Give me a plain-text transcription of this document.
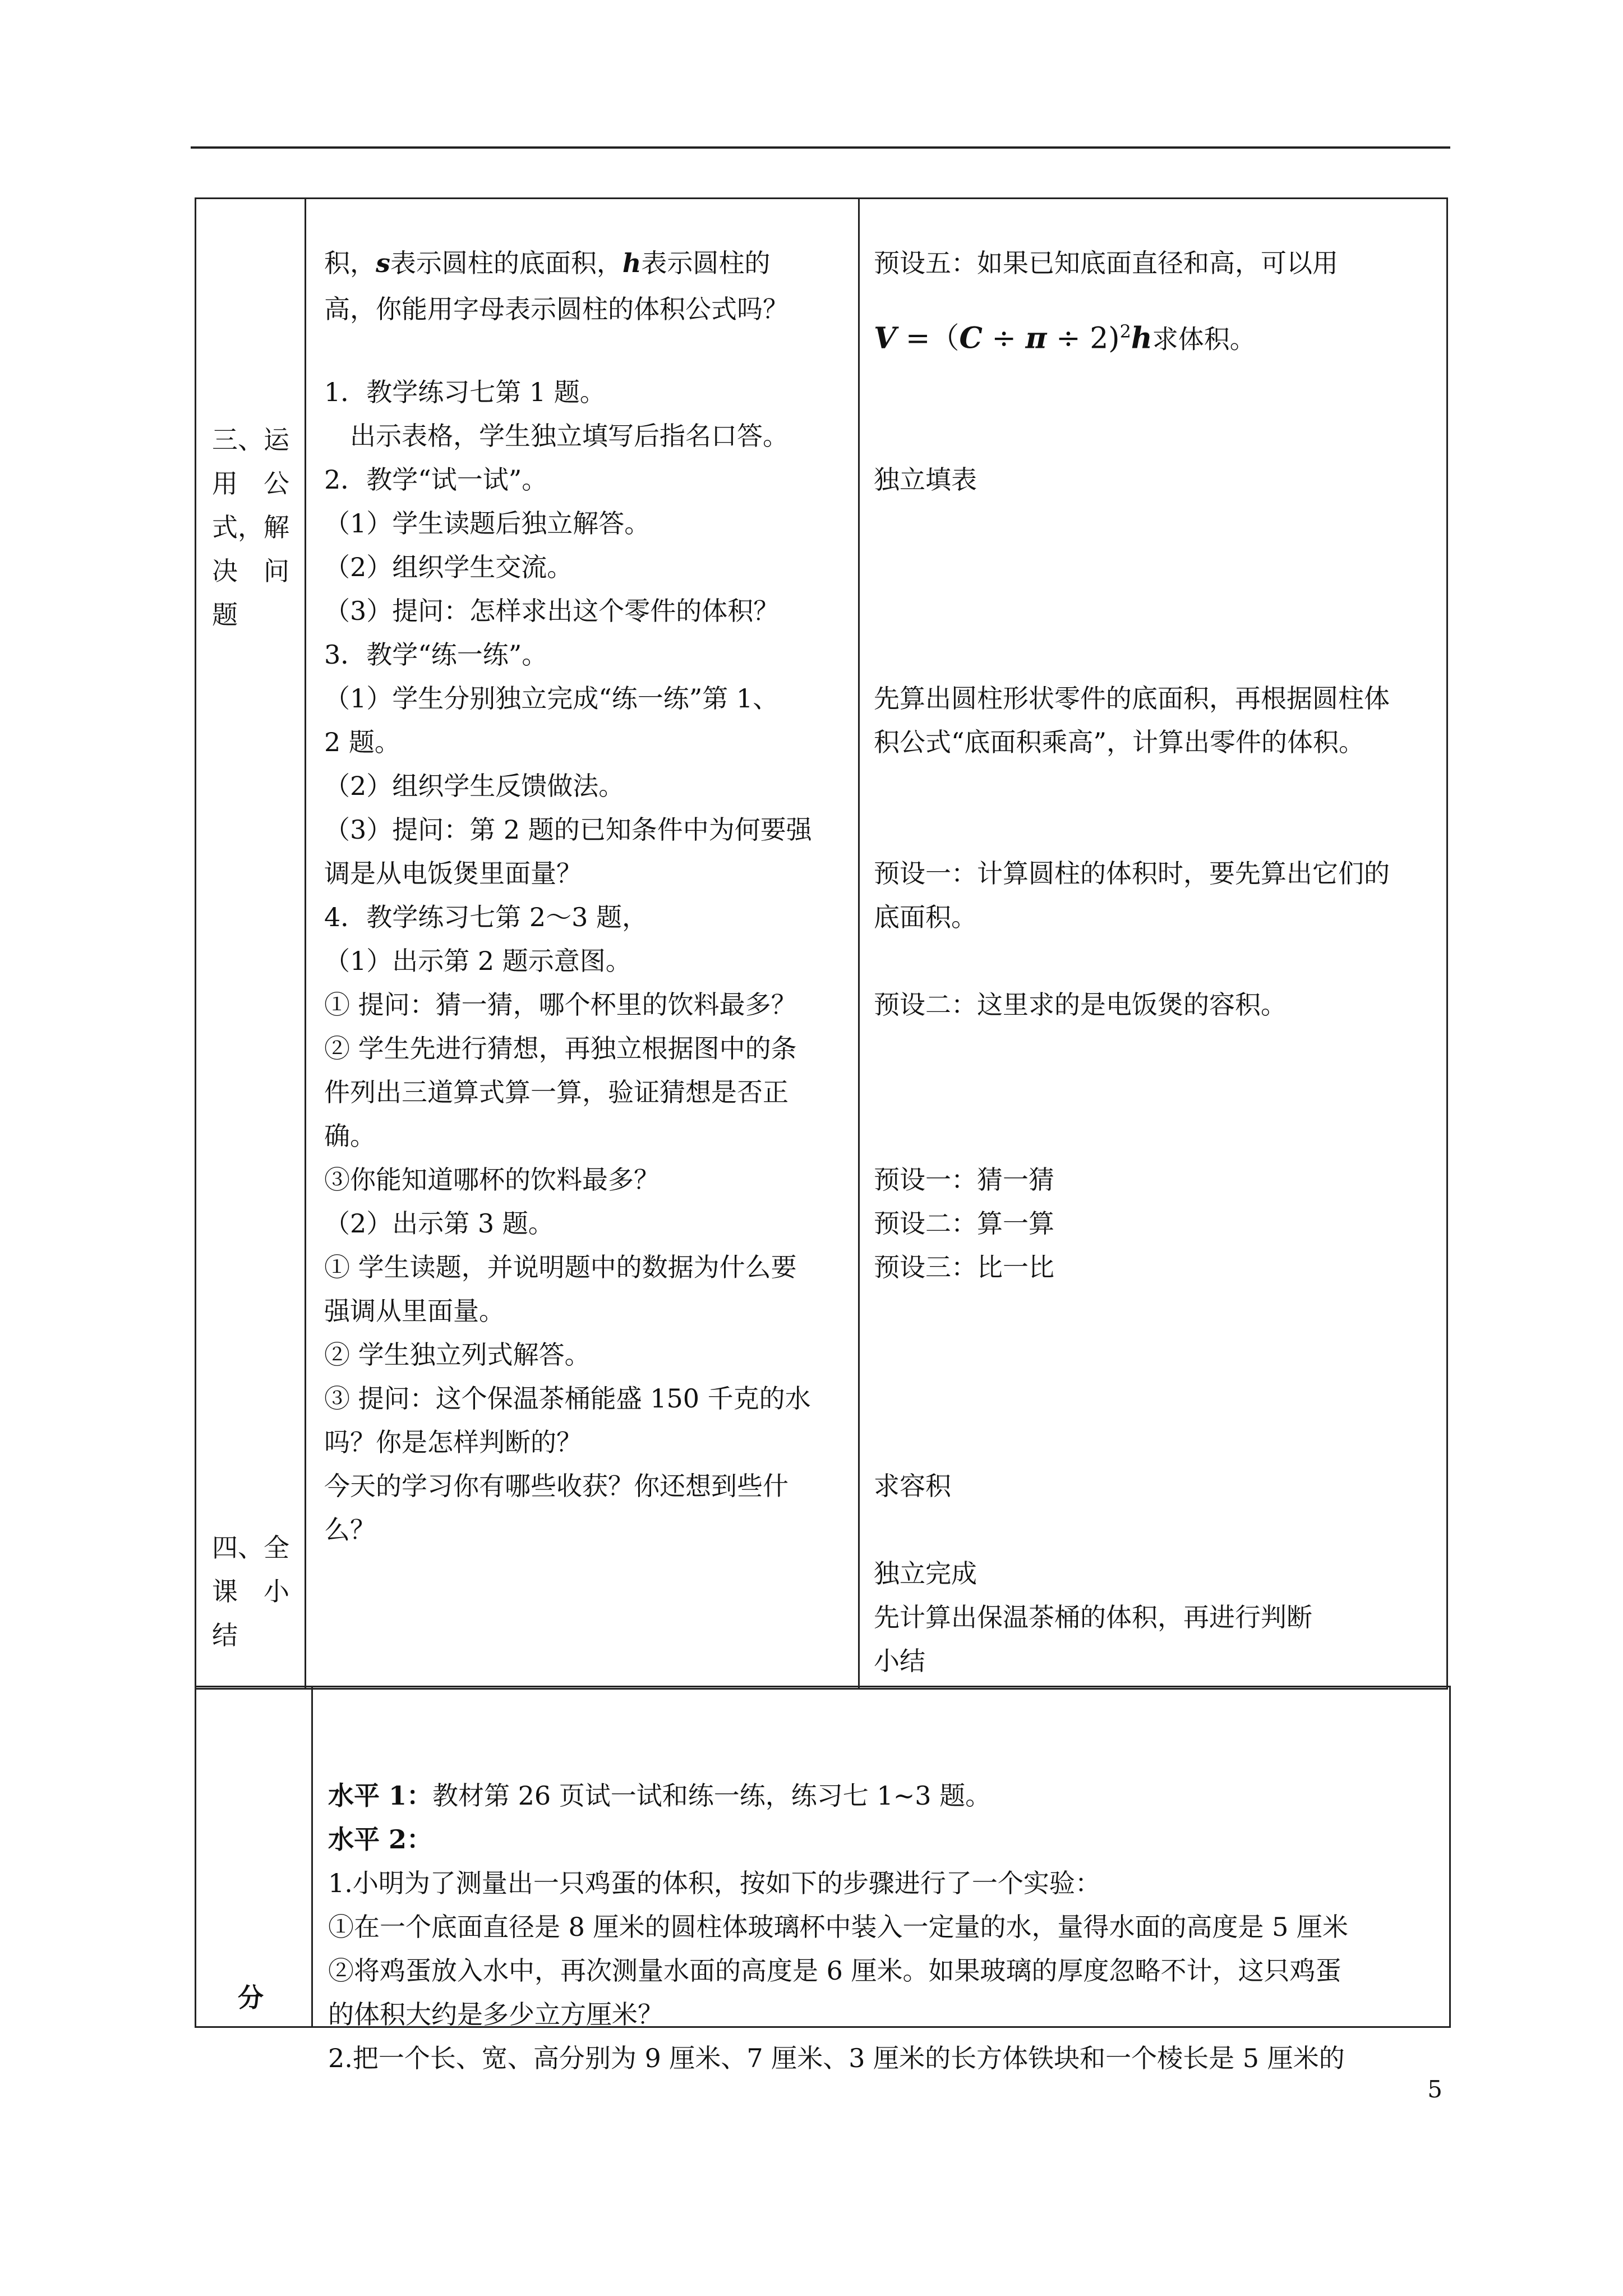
积，s表示圆柱的底面积，h表示圆柱的
高，你能用字母表示圆柱的体积公式吗？
预设五：如果已知底面直径和高，可以用
V =（C ÷ π ÷ 2)$^2$h求体积。
三、运
用　公
式，解
决　问
题
四、全
课　小
结
1．教学练习七第 1 题。
　出示表格，学生独立填写后指名口答。
2．教学“试一试”。
（1）学生读题后独立解答。
（2）组织学生交流。
（3）提问：怎样求出这个零件的体积？
3．教学“练一练”。
（1）学生分别独立完成“练一练”第 1、
2 题。
（2）组织学生反馈做法。
（3）提问：第 2 题的已知条件中为何要强
调是从电饭煲里面量？
4．教学练习七第 2～3 题，
（1）出示第 2 题示意图。
① 提问：猜一猜，哪个杯里的饮料最多？
② 学生先进行猜想，再独立根据图中的条
件列出三道算式算一算，验证猜想是否正
确。
③你能知道哪杯的饮料最多？
（2）出示第 3 题。
① 学生读题，并说明题中的数据为什么要
强调从里面量。
② 学生独立列式解答。
③ 提问：这个保温茶桶能盛 150 千克的水
吗？你是怎样判断的？
今天的学习你有哪些收获？你还想到些什
么？
独立填表
先算出圆柱形状零件的底面积，再根据圆柱体
积公式“底面积乘高”，计算出零件的体积。
预设一：计算圆柱的体积时，要先算出它们的
底面积。
预设二：这里求的是电饭煲的容积。
预设一：猜一猜
预设二：算一算
预设三：比一比
求容积
独立完成
先计算出保温茶桶的体积，再进行判断
小结
分
水平 1：教材第 26 页试一试和练一练，练习七 1~3 题。
水平 2：
1.小明为了测量出一只鸡蛋的体积，按如下的步骤进行了一个实验：
①在一个底面直径是 8 厘米的圆柱体玻璃杯中装入一定量的水，量得水面的高度是 5 厘米
②将鸡蛋放入水中，再次测量水面的高度是 6 厘米。如果玻璃的厚度忽略不计，这只鸡蛋
的体积大约是多少立方厘米？
2.把一个长、宽、高分别为 9 厘米、7 厘米、3 厘米的长方体铁块和一个棱长是 5 厘米的
5
